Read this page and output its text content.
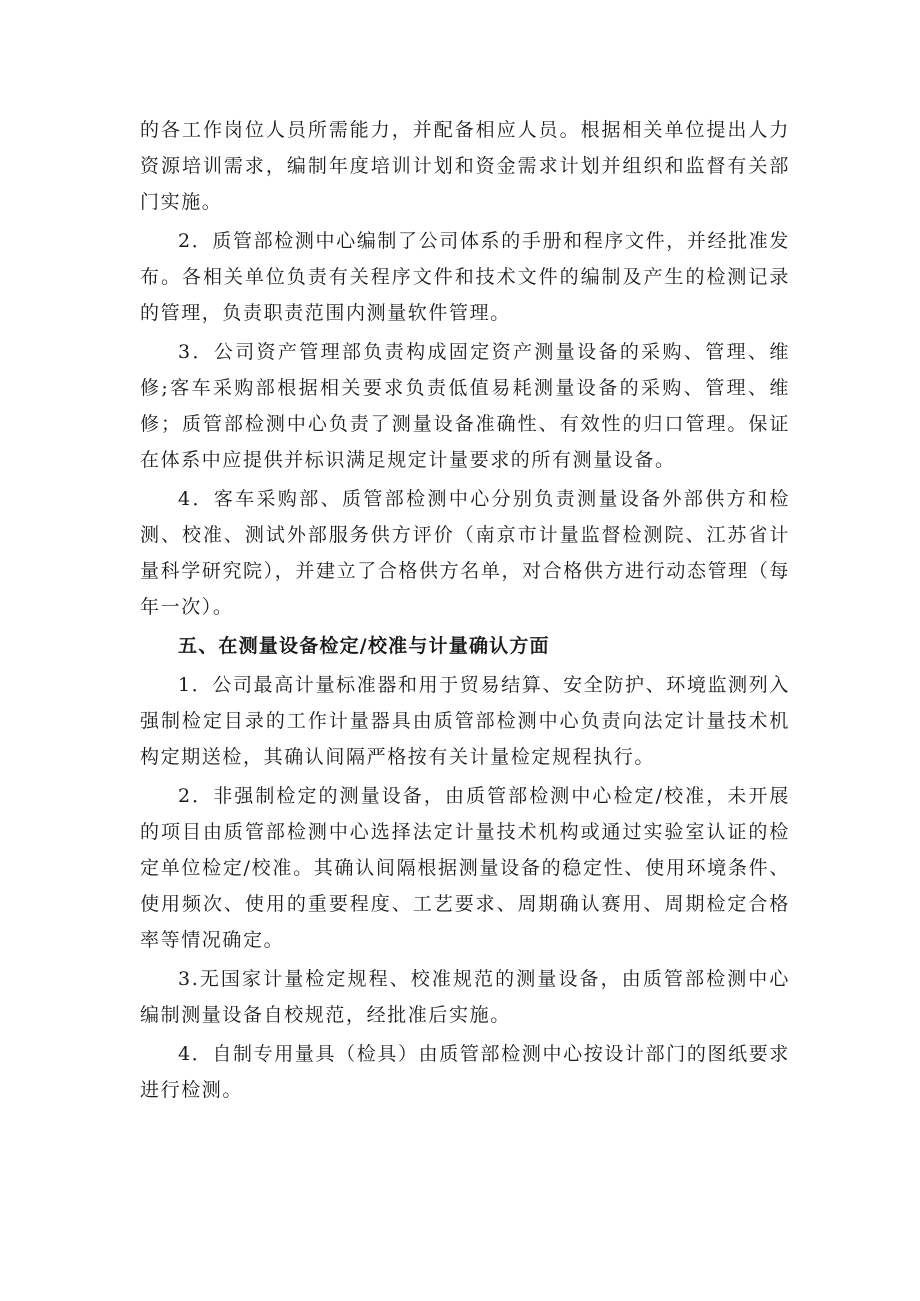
的各工作岗位人员所需能力，并配备相应人员。根据相关单位提出人力资源培训需求，编制年度培训计划和资金需求计划并组织和监督有关部门实施。

2．质管部检测中心编制了公司体系的手册和程序文件，并经批准发布。各相关单位负责有关程序文件和技术文件的编制及产生的检测记录的管理，负责职责范围内测量软件管理。

3．公司资产管理部负责构成固定资产测量设备的采购、管理、维修;客车采购部根据相关要求负责低值易耗测量设备的采购、管理、维修；质管部检测中心负责了测量设备准确性、有效性的归口管理。保证在体系中应提供并标识满足规定计量要求的所有测量设备。

4．客车采购部、质管部检测中心分别负责测量设备外部供方和检测、校准、测试外部服务供方评价（南京市计量监督检测院、江苏省计量科学研究院），并建立了合格供方名单，对合格供方进行动态管理（每年一次）。

五、在测量设备检定/校准与计量确认方面

1．公司最高计量标准器和用于贸易结算、安全防护、环境监测列入强制检定目录的工作计量器具由质管部检测中心负责向法定计量技术机构定期送检，其确认间隔严格按有关计量检定规程执行。

2．非强制检定的测量设备，由质管部检测中心检定/校准，未开展的项目由质管部检测中心选择法定计量技术机构或通过实验室认证的检定单位检定/校准。其确认间隔根据测量设备的稳定性、使用环境条件、使用频次、使用的重要程度、工艺要求、周期确认赛用、周期检定合格率等情况确定。

3.无国家计量检定规程、校准规范的测量设备，由质管部检测中心编制测量设备自校规范，经批准后实施。

4．自制专用量具（检具）由质管部检测中心按设计部门的图纸要求进行检测。
